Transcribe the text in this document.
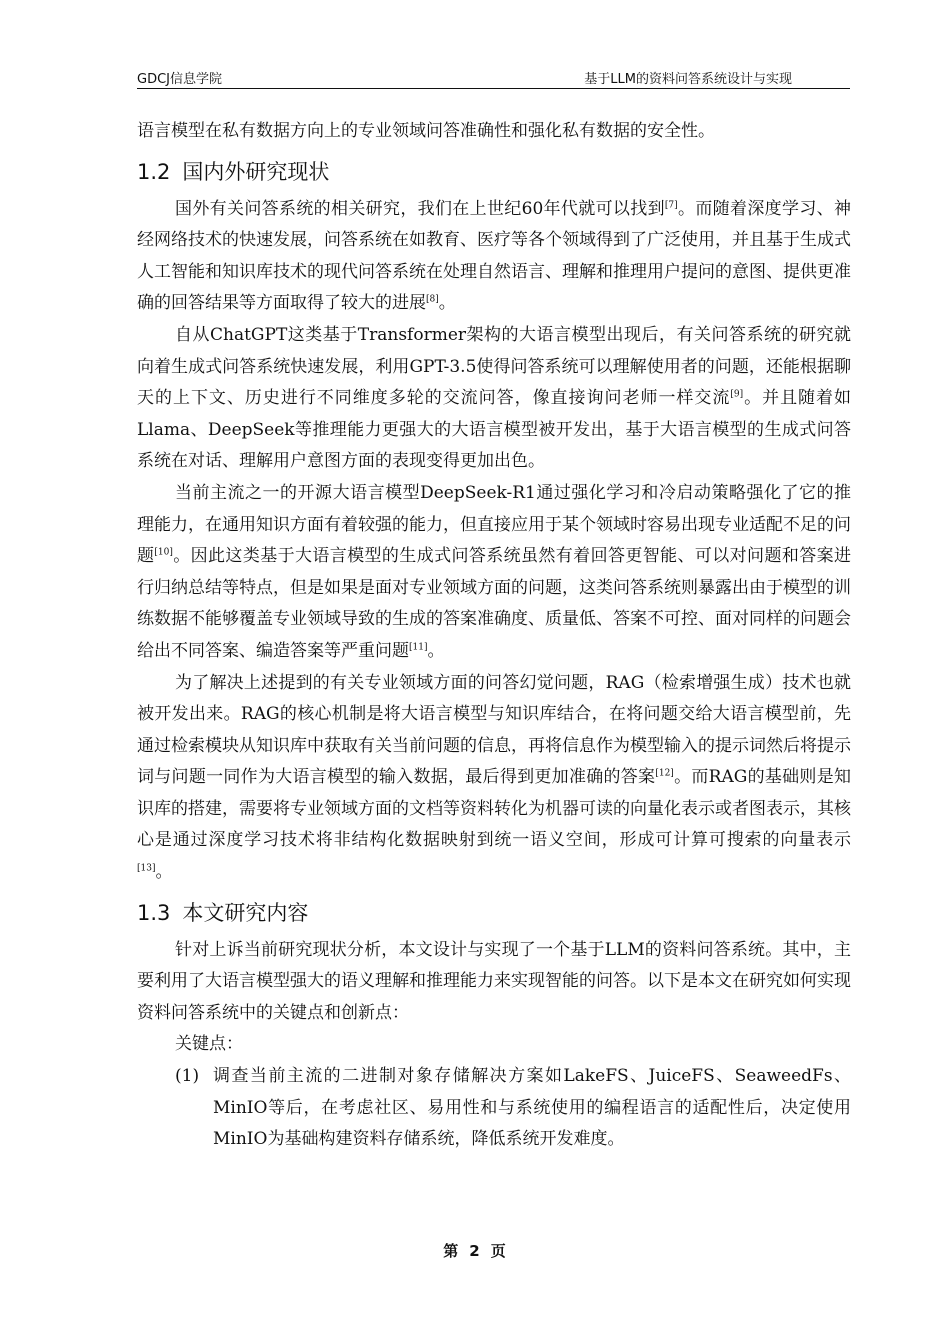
GDCJ信息学院	基于LLM的资料问答系统设计与实现

语言模型在私有数据方向上的专业领域问答准确性和强化私有数据的安全性。

1.2 国内外研究现状

国外有关问答系统的相关研究，我们在上世纪60年代就可以找到[7]。而随着深度学习、神经网络技术的快速发展，问答系统在如教育、医疗等各个领域得到了广泛使用，并且基于生成式人工智能和知识库技术的现代问答系统在处理自然语言、理解和推理用户提问的意图、提供更准确的回答结果等方面取得了较大的进展[8]。

自从ChatGPT这类基于Transformer架构的大语言模型出现后，有关问答系统的研究就向着生成式问答系统快速发展，利用GPT-3.5使得问答系统可以理解使用者的问题，还能根据聊天的上下文、历史进行不同维度多轮的交流问答，像直接询问老师一样交流[9]。并且随着如Llama、DeepSeek等推理能力更强大的大语言模型被开发出，基于大语言模型的生成式问答系统在对话、理解用户意图方面的表现变得更加出色。

当前主流之一的开源大语言模型DeepSeek-R1通过强化学习和冷启动策略强化了它的推理能力，在通用知识方面有着较强的能力，但直接应用于某个领域时容易出现专业适配不足的问题[10]。因此这类基于大语言模型的生成式问答系统虽然有着回答更智能、可以对问题和答案进行归纳总结等特点，但是如果是面对专业领域方面的问题，这类问答系统则暴露出由于模型的训练数据不能够覆盖专业领域导致的生成的答案准确度、质量低、答案不可控、面对同样的问题会给出不同答案、编造答案等严重问题[11]。

为了解决上述提到的有关专业领域方面的问答幻觉问题，RAG（检索增强生成）技术也就被开发出来。RAG的核心机制是将大语言模型与知识库结合，在将问题交给大语言模型前，先通过检索模块从知识库中获取有关当前问题的信息，再将信息作为模型输入的提示词然后将提示词与问题一同作为大语言模型的输入数据，最后得到更加准确的答案[12]。而RAG的基础则是知识库的搭建，需要将专业领域方面的文档等资料转化为机器可读的向量化表示或者图表示，其核心是通过深度学习技术将非结构化数据映射到统一语义空间，形成可计算可搜索的向量表示[13]。

1.3 本文研究内容

针对上诉当前研究现状分析，本文设计与实现了一个基于LLM的资料问答系统。其中，主要利用了大语言模型强大的语义理解和推理能力来实现智能的问答。以下是本文在研究如何实现资料问答系统中的关键点和创新点：

关键点：

(1) 调查当前主流的二进制对象存储解决方案如LakeFS、JuiceFS、SeaweedFs、MinIO等后，在考虑社区、易用性和与系统使用的编程语言的适配性后，决定使用MinIO为基础构建资料存储系统，降低系统开发难度。

第 2 页
